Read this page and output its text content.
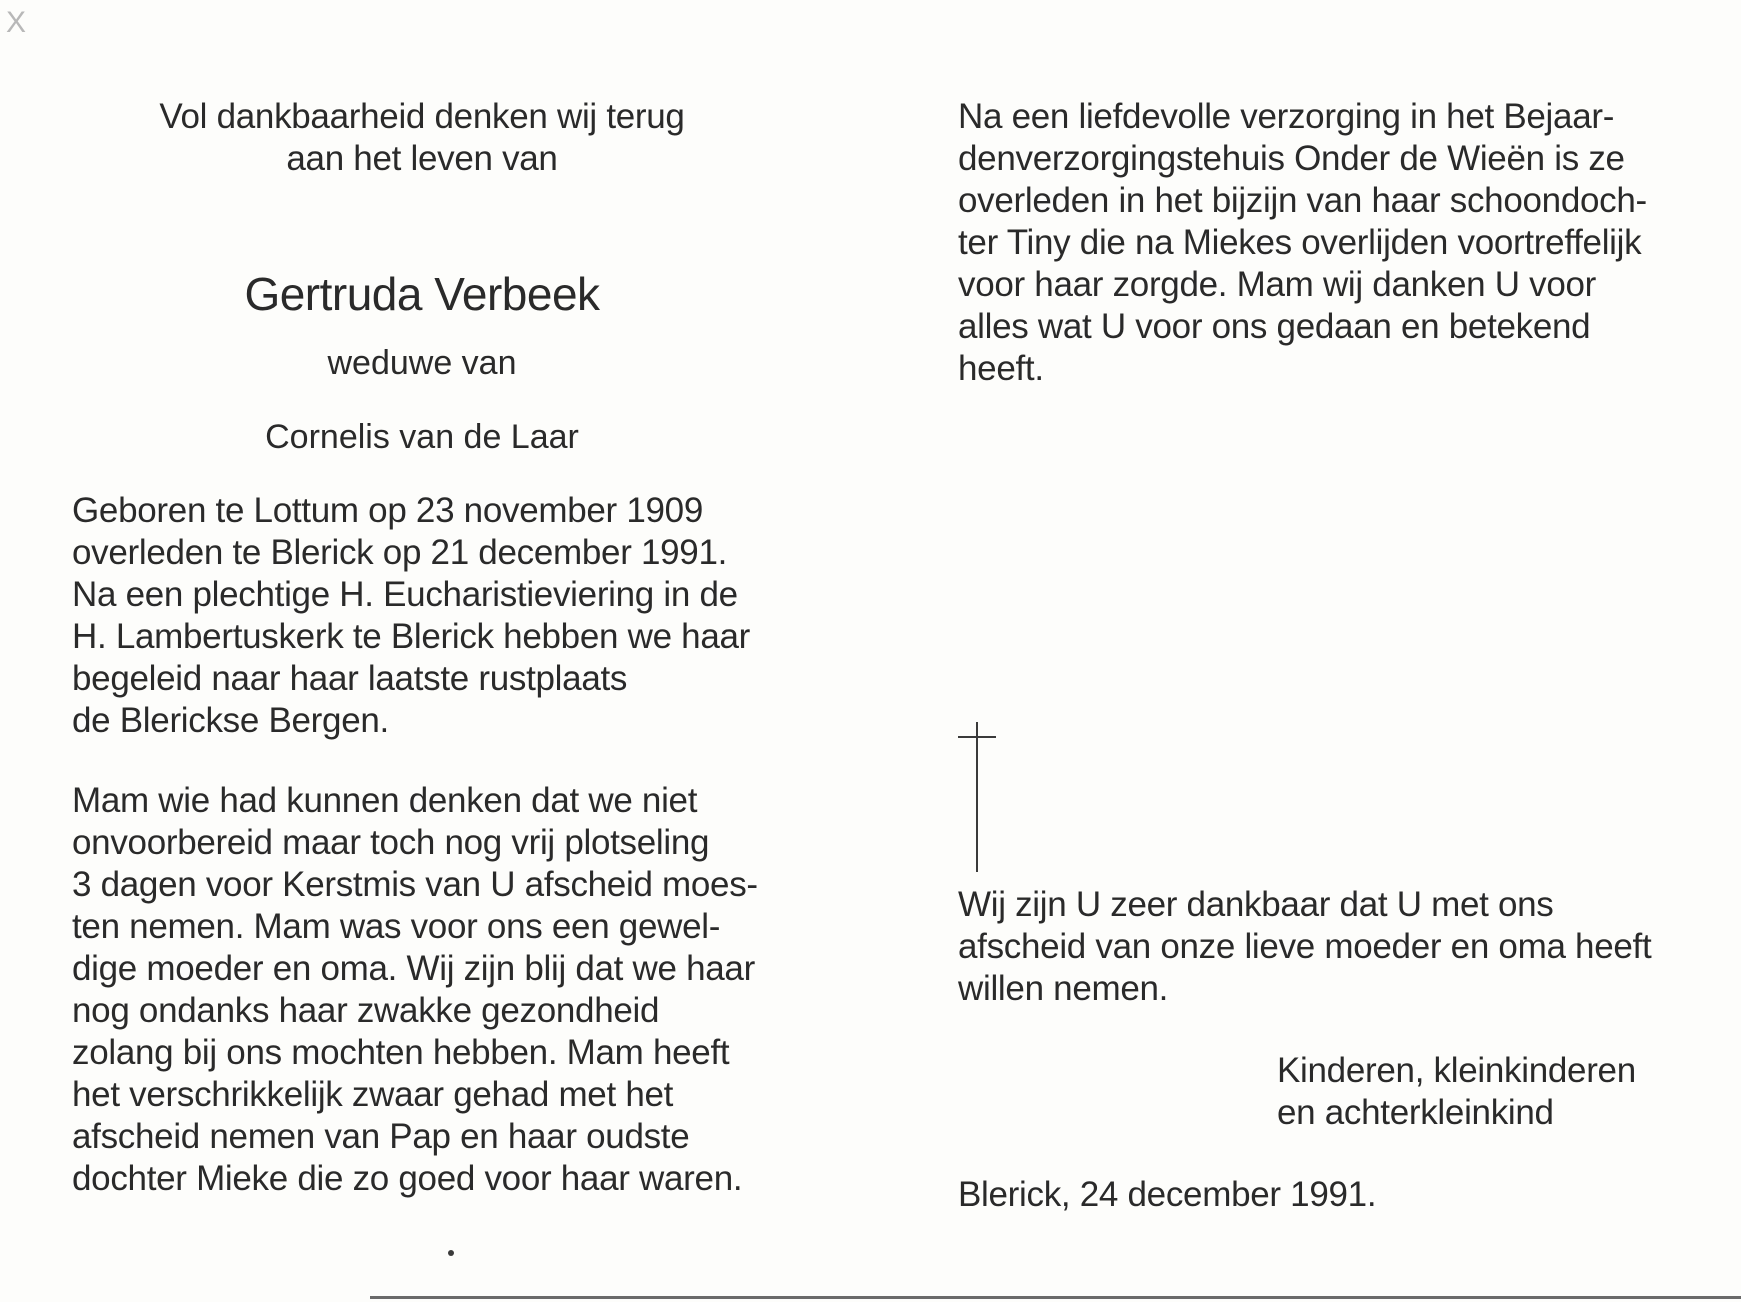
X
Vol dankbaarheid denken wij terug
aan het leven van
Gertruda Verbeek
weduwe van
Cornelis van de Laar
Geboren te Lottum op 23 november 1909
overleden te Blerick op 21 december 1991.
Na een plechtige H. Eucharistieviering in de
H. Lambertuskerk te Blerick hebben we haar
begeleid naar haar laatste rustplaats
de Blerickse Bergen.
Mam wie had kunnen denken dat we niet
onvoorbereid maar toch nog vrij plotseling
3 dagen voor Kerstmis van U afscheid moes-
ten nemen. Mam was voor ons een gewel-
dige moeder en oma. Wij zijn blij dat we haar
nog ondanks haar zwakke gezondheid
zolang bij ons mochten hebben. Mam heeft
het verschrikkelijk zwaar gehad met het
afscheid nemen van Pap en haar oudste
dochter Mieke die zo goed voor haar waren.
Na een liefdevolle verzorging in het Bejaar-
denverzorgingstehuis Onder de Wieën is ze
overleden in het bijzijn van haar schoondoch-
ter Tiny die na Miekes overlijden voortreffelijk
voor haar zorgde. Mam wij danken U voor
alles wat U voor ons gedaan en betekend
heeft.
Wij zijn U zeer dankbaar dat U met ons
afscheid van onze lieve moeder en oma heeft
willen nemen.
Kinderen, kleinkinderen
en achterkleinkind
Blerick, 24 december 1991.
